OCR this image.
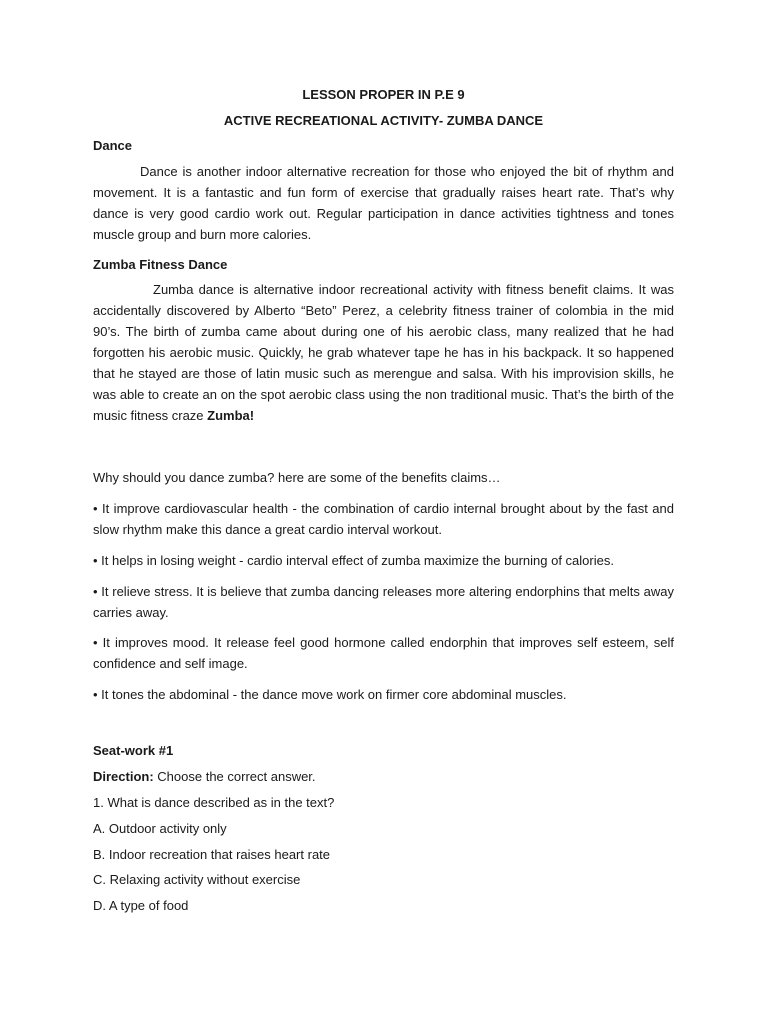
LESSON PROPER IN P.E 9
ACTIVE RECREATIONAL ACTIVITY- ZUMBA DANCE
Dance
Dance is another indoor alternative recreation for those who enjoyed the bit of rhythm and movement. It is a fantastic and fun form of exercise that gradually raises heart rate. That’s why dance is very good cardio work out. Regular participation in dance activities tightness and tones muscle group and burn more calories.
Zumba Fitness Dance
Zumba dance is alternative indoor recreational activity with fitness benefit claims. It was accidentally discovered by Alberto “Beto” Perez, a celebrity fitness trainer of colombia in the mid 90’s. The birth of zumba came about during one of his aerobic class, many realized that he had forgotten his aerobic music. Quickly, he grab whatever tape he has in his backpack. It so happened that he stayed are those of latin music such as merengue and salsa. With his improvision skills, he was able to create an on the spot aerobic class using the non traditional music. That’s the birth of the music fitness craze Zumba!
Why should you dance zumba? here are some of the benefits claims…
• It improve cardiovascular health - the combination of cardio internal brought about by the fast and slow rhythm make this dance a great cardio interval workout.
• It helps in losing weight - cardio interval effect of zumba maximize the burning of calories.
• It relieve stress. It is believe that zumba dancing releases more altering endorphins that melts away carries away.
• It improves mood. It release feel good hormone called endorphin that improves self esteem, self confidence and self image.
• It tones the abdominal - the dance move work on firmer core abdominal muscles.
Seat-work #1
Direction: Choose the correct answer.
1. What is dance described as in the text?
A. Outdoor activity only
B. Indoor recreation that raises heart rate
C. Relaxing activity without exercise
D. A type of food
